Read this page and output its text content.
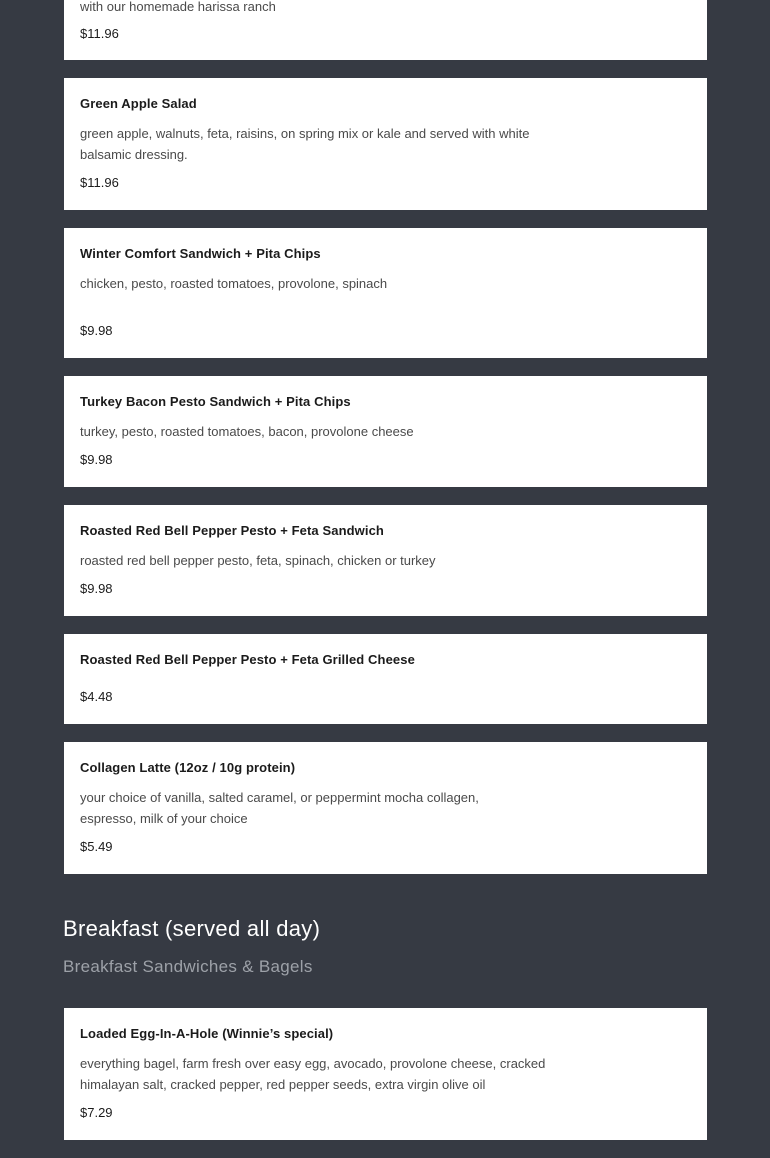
with our homemade harissa ranch
$11.96
Green Apple Salad
green apple, walnuts, feta, raisins, on spring mix or kale and served with white balsamic dressing.
$11.96
Winter Comfort Sandwich + Pita Chips
chicken, pesto, roasted tomatoes, provolone, spinach
$9.98
Turkey Bacon Pesto Sandwich + Pita Chips
turkey, pesto, roasted tomatoes, bacon, provolone cheese
$9.98
Roasted Red Bell Pepper Pesto + Feta Sandwich
roasted red bell pepper pesto, feta, spinach, chicken or turkey
$9.98
Roasted Red Bell Pepper Pesto + Feta Grilled Cheese
$4.48
Collagen Latte (12oz / 10g protein)
your choice of vanilla, salted caramel, or peppermint mocha collagen, espresso, milk of your choice
$5.49
Breakfast (served all day)
Breakfast Sandwiches & Bagels
Loaded Egg-In-A-Hole (Winnie’s special)
everything bagel, farm fresh over easy egg, avocado, provolone cheese, cracked himalayan salt, cracked pepper, red pepper seeds, extra virgin olive oil
$7.29
